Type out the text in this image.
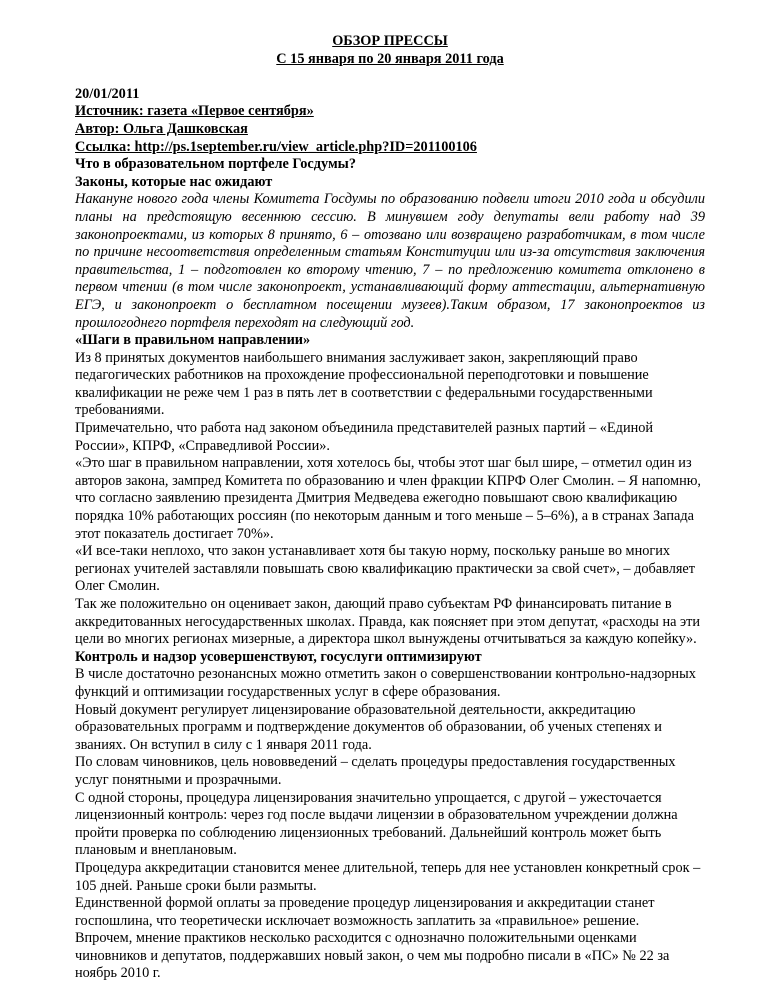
ОБЗОР ПРЕССЫ

С 15 января по 20 января 2011 года

20/01/2011

Источник: газета «Первое сентября»

Автор: Ольга Дашковская

Ссылка: http://ps.1september.ru/view_article.php?ID=201100106

Что в образовательном портфеле Госдумы?

Законы, которые нас ожидают

Накануне нового года члены Комитета Госдумы по образованию подвели итоги 2010 года и обсудили планы на предстоящую весеннюю сессию. В минувшем году депутаты вели работу над 39 законопроектами, из которых 8 принято, 6 – отозвано или возвращено разработчикам, в том числе по причине несоответствия определенным статьям Конституции или из-за отсутствия заключения правительства, 1 – подготовлен ко второму чтению, 7 – по предложению комитета отклонено в первом чтении (в том числе законопроект, устанавливающий форму аттестации, альтернативную ЕГЭ, и законопроект о бесплатном посещении музеев).Таким образом, 17 законопроектов из прошлогоднего портфеля переходят на следующий год.

«Шаги в правильном направлении»

Из 8 принятых документов наибольшего внимания заслуживает закон, закрепляющий право педагогических работников на прохождение профессиональной переподготовки и повышение квалификации не реже чем 1 раз в пять лет в соответствии с федеральными государственными требованиями.

Примечательно, что работа над законом объединила представителей разных партий – «Единой России», КПРФ, «Справедливой России».

«Это шаг в правильном направлении, хотя хотелось бы, чтобы этот шаг был шире, – отметил один из авторов закона, зампред Комитета по образованию и член фракции КПРФ Олег Смолин. – Я напомню, что согласно заявлению президента Дмитрия Медведева ежегодно повышают свою квалификацию порядка 10% работающих россиян (по некоторым данным и того меньше – 5–6%), а в странах Запада этот показатель достигает 70%».

«И все-таки неплохо, что закон устанавливает хотя бы такую норму, поскольку раньше во многих регионах учителей заставляли повышать свою квалификацию практически за свой счет», – добавляет Олег Смолин.

Так же положительно он оценивает закон, дающий право субъектам РФ финансировать питание в аккредитованных негосударственных школах. Правда, как поясняет при этом депутат, «расходы на эти цели во многих регионах мизерные, а директора школ вынуждены отчитываться за каждую копейку».

Контроль и надзор усовершенствуют, госуслуги оптимизируют

В числе достаточно резонансных можно отметить закон о совершенствовании контрольно-надзорных функций и оптимизации государственных услуг в сфере образования.

Новый документ регулирует лицензирование образовательной деятельности, аккредитацию образовательных программ и подтверждение документов об образовании, об ученых степенях и званиях. Он вступил в силу с 1 января 2011 года.

По словам чиновников, цель нововведений – сделать процедуры предоставления государственных услуг понятными и прозрачными.

С одной стороны, процедура лицензирования значительно упрощается, с другой – ужесточается лицензионный контроль: через год после выдачи лицензии в образовательном учреждении должна пройти проверка по соблюдению лицензионных требований. Дальнейший контроль может быть плановым и внеплановым.

Процедура аккредитации становится менее длительной, теперь для нее установлен конкретный срок – 105 дней. Раньше сроки были размыты.

Единственной формой оплаты за проведение процедур лицензирования и аккредитации станет госпошлина, что теоретически исключает возможность заплатить за «правильное» решение.

Впрочем, мнение практиков несколько расходится с однозначно положительными оценками чиновников и депутатов, поддержавших новый закон, о чем мы подробно писали в «ПС» № 22 за ноябрь 2010 г.
